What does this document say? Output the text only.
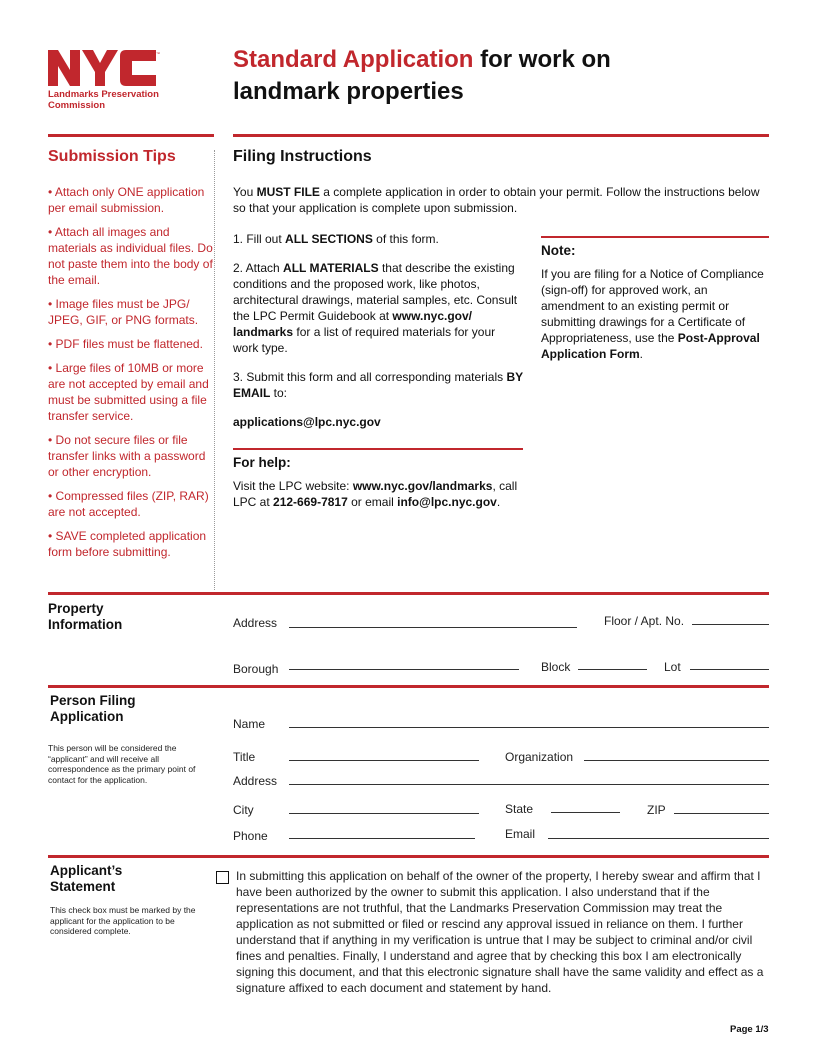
™
Landmarks Preservation
Commission
Standard Application for work on
landmark properties
Submission Tips

• Attach only ONE application per email submission.

• Attach all images and materials as individual files. Do not paste them into the body of the email.

• Image files must be JPG/ JPEG, GIF, or PNG formats.

• PDF files must be flattened.

• Large files of 10MB or more are not accepted by email and must be submitted using a file transfer service.

• Do not secure files or file transfer links with a password or other encryption.

• Compressed files (ZIP, RAR) are not accepted.

• SAVE completed application form before submitting.

Filing Instructions
You MUST FILE a complete application in order to obtain your permit. Follow the instructions below so that your application is complete upon submission.

1. Fill out ALL SECTIONS of this form.

2. Attach ALL MATERIALS that describe the existing conditions and the proposed work, like photos, architectural drawings, material samples, etc. Consult the LPC Permit Guidebook at www.nyc.gov/ landmarks for a list of required materials for your work type.

3. Submit this form and all corresponding materials BY EMAIL to:

applications@lpc.nyc.gov

Note:
If you are filing for a Notice of Compliance (sign-off) for approved work, an amendment to an existing permit or submitting drawings for a Certificate of Appropriateness, use the Post-Approval Application Form.
For help:
Visit the LPC website: www.nyc.gov/landmarks, call LPC at 212-669-7817 or email info@lpc.nyc.gov.
Property
Information	Address	Floor / Apt. No.
Borough	Block	Lot
Person Filing
Application
This person will be considered the “applicant” and will receive all correspondence as the primary point of contact for the application.
Name
Title	Organization
Address
City	State	ZIP
Phone	Email
Applicant’s
Statement
This check box must be marked by the applicant for the application to be considered complete.
In submitting this application on behalf of the owner of the property, I hereby swear and affirm that I have been authorized by the owner to submit this application. I also understand that if the representations are not truthful, that the Landmarks Preservation Commission may treat the application as not submitted or filed or rescind any approval issued in reliance on them. I further understand that if anything in my verification is untrue that I may be subject to criminal and/or civil fines and penalties. Finally, I understand and agree that by checking this box I am electronically signing this document, and that this electronic signature shall have the same validity and effect as a signature affixed to each document and statement by hand.
Page 1/3
